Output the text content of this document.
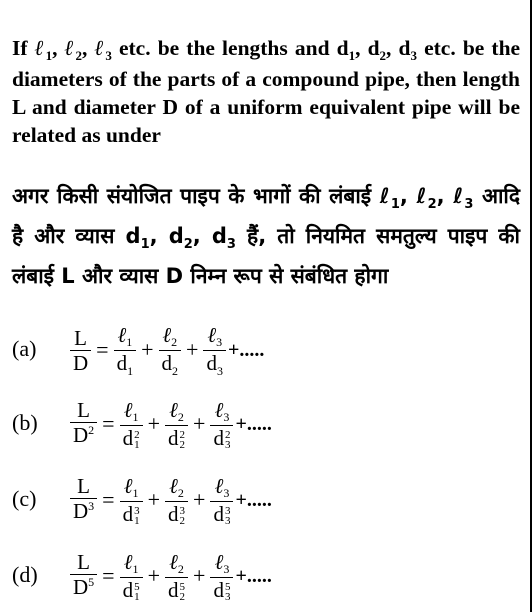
If ℓ$_1$, ℓ$_2$, ℓ$_3$ etc. be the lengths and $d_1$, $d_2$, $d_3$ etc. be the diameters of the parts of a compound pipe, then length L and diameter D of a uniform equivalent pipe will be related as under

अगर किसी संयोजित पाइप के भागों की लंबाई ℓ$_1$, ℓ$_2$, ℓ$_3$ आदि है और व्यास $d_1$, $d_2$, $d_3$ हैं, तो नियमित समतुल्य पाइप की लंबाई L और व्यास D निम्न रूप से संबंधित होगा

$(a) \frac{L}{D} = \frac{\text{ℓ1}}{d_1} + \frac{\text{ℓ2}}{d_2} + \frac{\text{ℓ3}}{d_3}$ +.....
$(b) \frac{L}{D^2}$ = ℓ1
d 2
1 + ℓ2
d 2
2 + ℓ3
d 2
3 +.....
$(c) \frac{L}{D^3}$ = ℓ1
d 3
1 + ℓ2
d 3
2 + ℓ3
d 3
3 +.....
$(d) \frac{L}{D^5}$ = ℓ1
d 5
1 + ℓ2
d 5
2 + ℓ3
d 5
3 +.....
